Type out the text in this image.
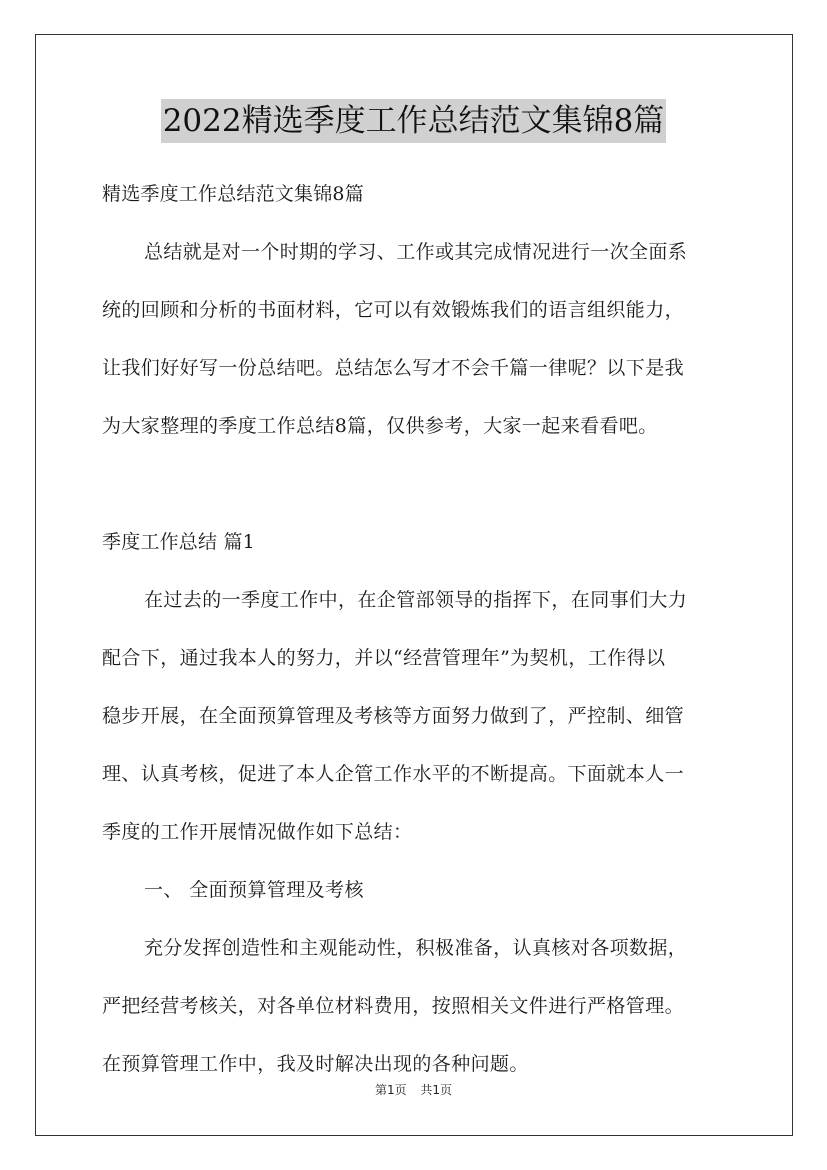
2022精选季度工作总结范文集锦8篇
精选季度工作总结范文集锦8篇
总结就是对一个时期的学习、工作或其完成情况进行一次全面系
统的回顾和分析的书面材料，它可以有效锻炼我们的语言组织能力，
让我们好好写一份总结吧。总结怎么写才不会千篇一律呢？以下是我
为大家整理的季度工作总结8篇，仅供参考，大家一起来看看吧。
季度工作总结 篇1
在过去的一季度工作中，在企管部领导的指挥下，在同事们大力
配合下，通过我本人的努力，并以“经营管理年”为契机，工作得以
稳步开展，在全面预算管理及考核等方面努力做到了，严控制、细管
理、认真考核，促进了本人企管工作水平的不断提高。下面就本人一
季度的工作开展情况做作如下总结：
一、 全面预算管理及考核
充分发挥创造性和主观能动性，积极准备，认真核对各项数据，
严把经营考核关，对各单位材料费用，按照相关文件进行严格管理。
在预算管理工作中，我及时解决出现的各种问题。
第1页 共1页
